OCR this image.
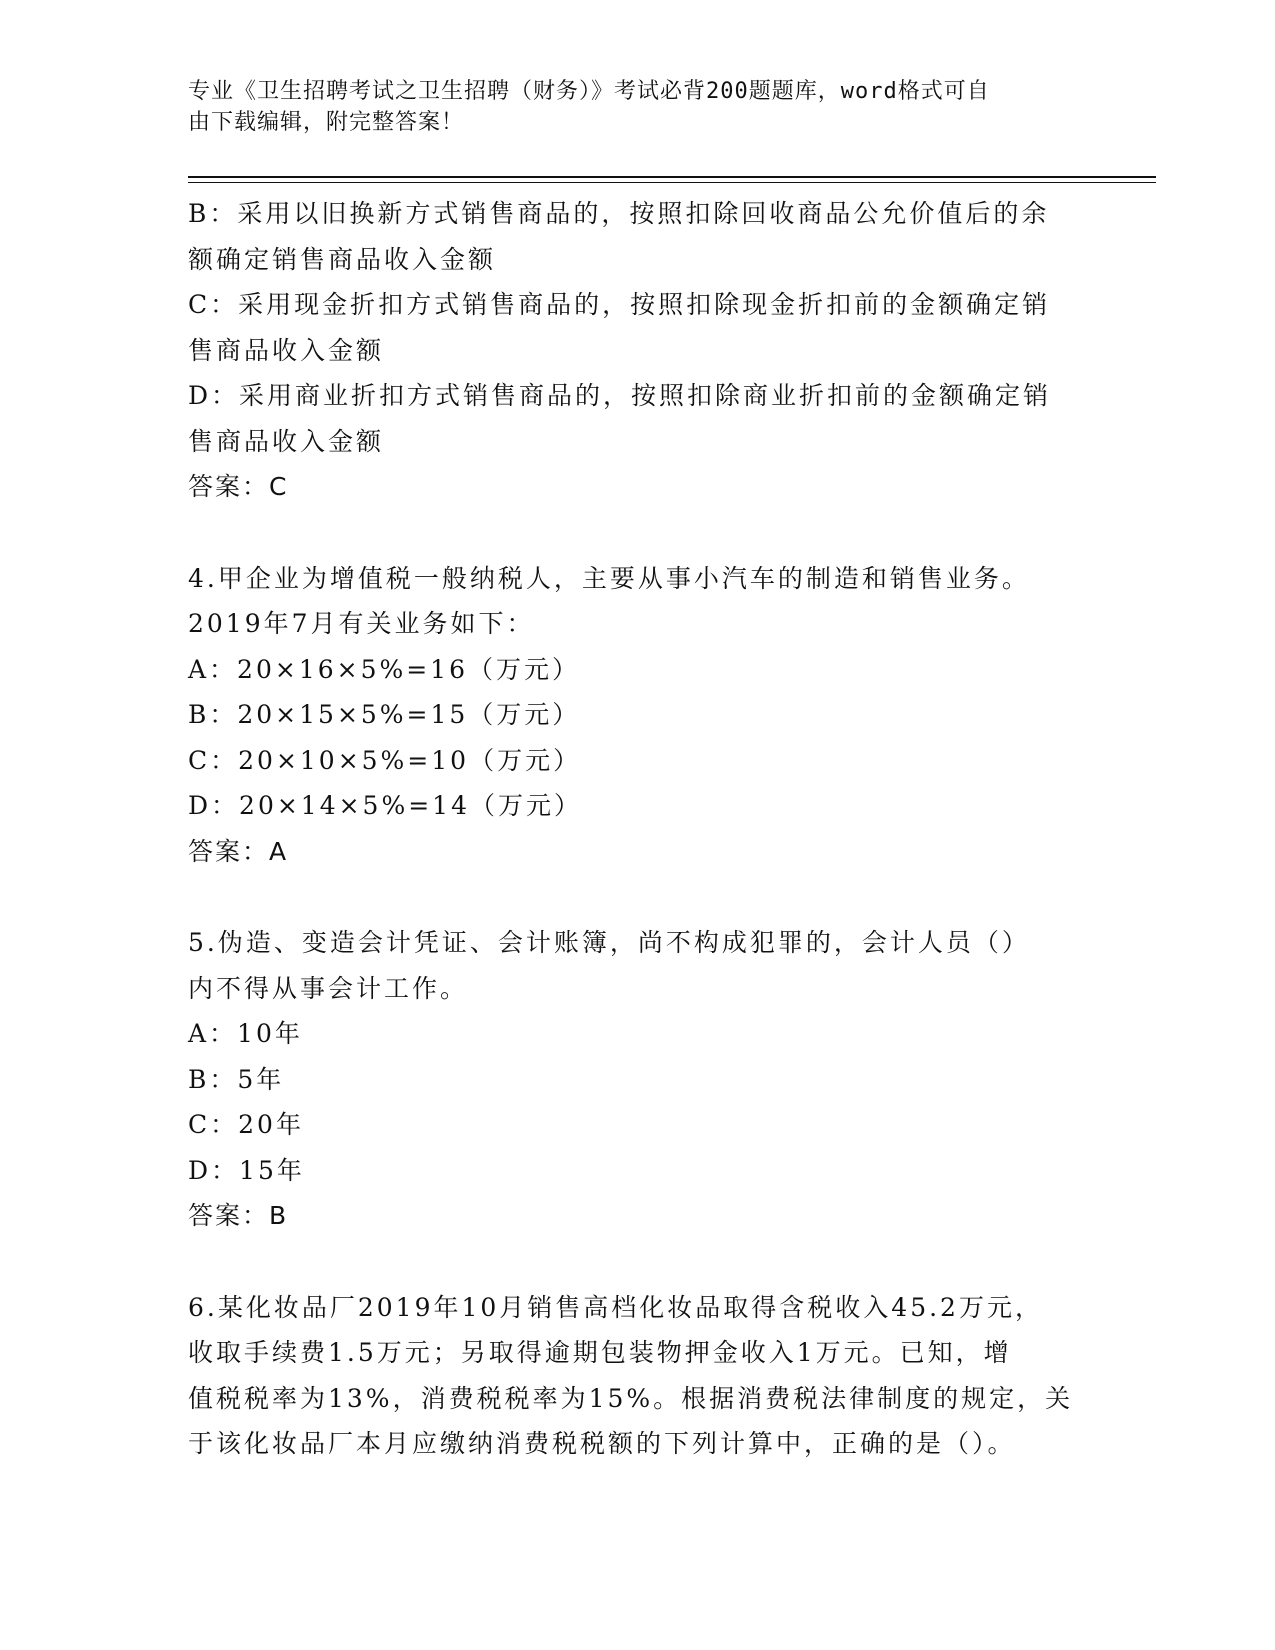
专业《卫生招聘考试之卫生招聘（财务）》考试必背200题题库，word格式可自
由下载编辑，附完整答案！
B：采用以旧换新方式销售商品的，按照扣除回收商品公允价值后的余
额确定销售商品收入金额
C：采用现金折扣方式销售商品的，按照扣除现金折扣前的金额确定销
售商品收入金额
D：采用商业折扣方式销售商品的，按照扣除商业折扣前的金额确定销
售商品收入金额
答案：C
4.甲企业为增值税一般纳税人，主要从事小汽车的制造和销售业务。
2019年7月有关业务如下：
A：20×16×5%=16（万元）
B：20×15×5%=15（万元）
C：20×10×5%=10（万元）
D：20×14×5%=14（万元）
答案：A
5.伪造、变造会计凭证、会计账簿，尚不构成犯罪的，会计人员（）
内不得从事会计工作。
A：10年
B：5年
C：20年
D：15年
答案：B
6.某化妆品厂2019年10月销售高档化妆品取得含税收入45.2万元，
收取手续费1.5万元；另取得逾期包装物押金收入1万元。已知，增
值税税率为13%，消费税税率为15%。根据消费税法律制度的规定，关
于该化妆品厂本月应缴纳消费税税额的下列计算中，正确的是（）。
